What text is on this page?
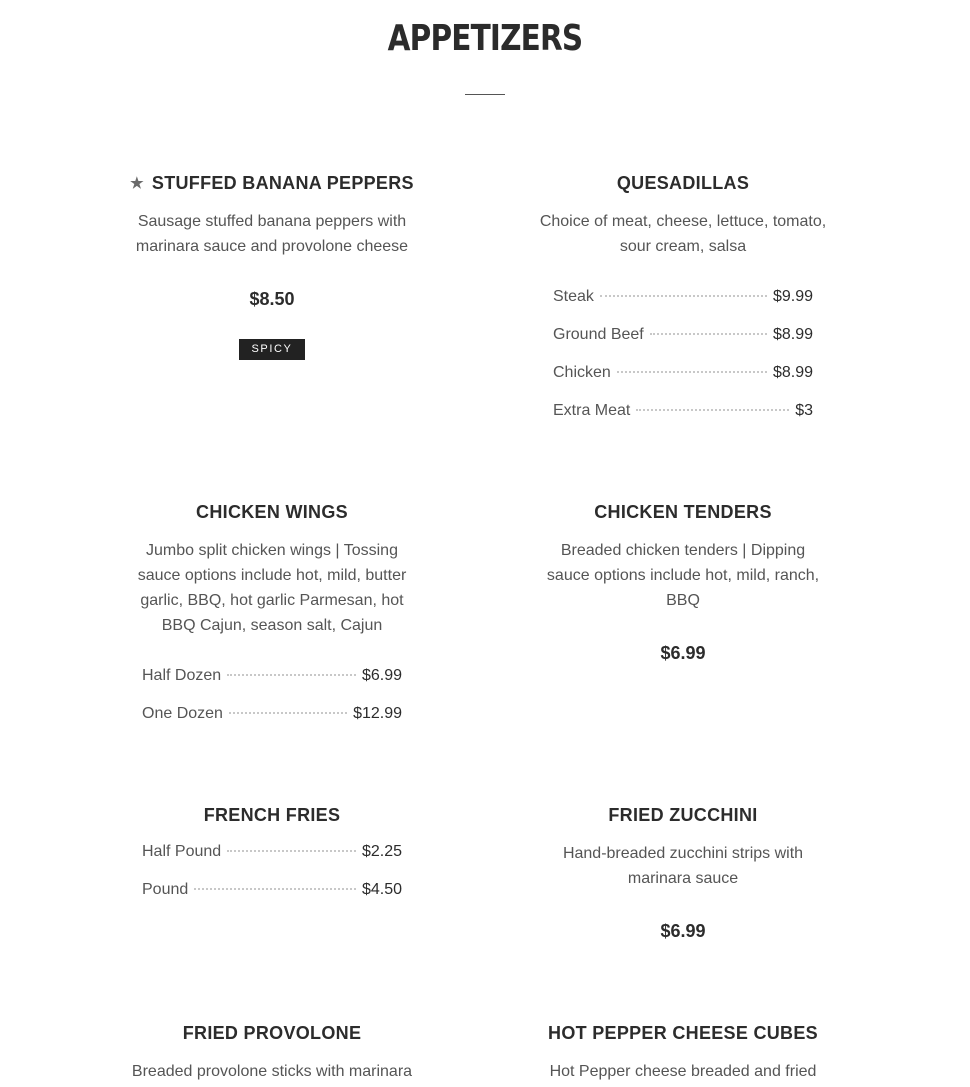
APPETIZERS
★ STUFFED BANANA PEPPERS
Sausage stuffed banana peppers with marinara sauce and provolone cheese
$8.50
SPICY
QUESADILLAS
Choice of meat, cheese, lettuce, tomato, sour cream, salsa
Steak	$9.99
Ground Beef	$8.99
Chicken	$8.99
Extra Meat	$3
CHICKEN WINGS
Jumbo split chicken wings | Tossing sauce options include hot, mild, butter garlic, BBQ, hot garlic Parmesan, hot BBQ Cajun, season salt, Cajun
Half Dozen	$6.99
One Dozen	$12.99
CHICKEN TENDERS
Breaded chicken tenders | Dipping sauce options include hot, mild, ranch, BBQ
$6.99
FRENCH FRIES
Half Pound	$2.25
Pound	$4.50
FRIED ZUCCHINI
Hand-breaded zucchini strips with marinara sauce
$6.99
FRIED PROVOLONE
Breaded provolone sticks with marinara
HOT PEPPER CHEESE CUBES
Hot Pepper cheese breaded and fried
